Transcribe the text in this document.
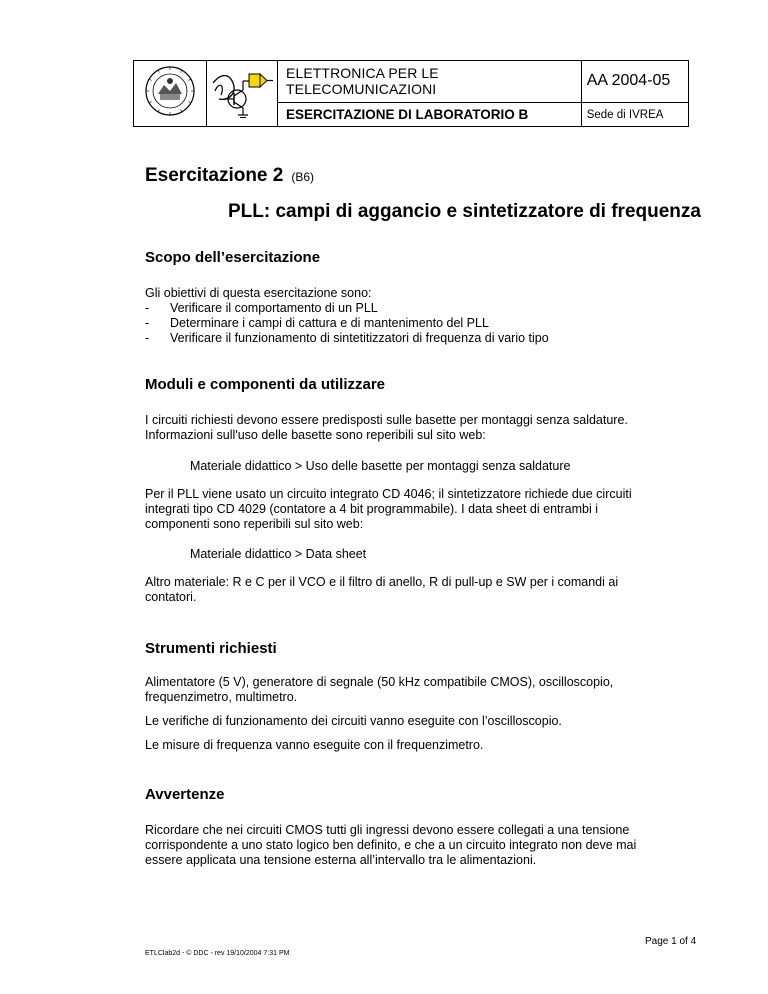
		ELETTRONICA PER LE TELECOMUNICAZIONI	AA 2004-05
		ESERCITAZIONE DI LABORATORIO B	Sede di IVREA
Esercitazione 2 (B6)
PLL: campi di aggancio e sintetizzatore di frequenza
Scopo dell’esercitazione
Gli obiettivi di questa esercitazione sono:
- Verificare il comportamento di un PLL
- Determinare i campi di cattura e di mantenimento del PLL
- Verificare il funzionamento di sintetitizzatori di frequenza di vario tipo
Moduli e componenti da utilizzare
I circuiti richiesti devono essere predisposti sulle basette per montaggi senza saldature. Informazioni sull'uso delle basette sono reperibili sul sito web:
Materiale didattico > Uso delle basette per montaggi senza saldature
Per il PLL viene usato un circuito integrato CD 4046; il sintetizzatore richiede due circuiti integrati tipo CD 4029 (contatore a 4 bit programmabile). I data sheet di entrambi i componenti sono reperibili sul sito web:
Materiale didattico > Data sheet
Altro materiale: R e C per il VCO e il filtro di anello, R di pull-up e SW per i comandi ai contatori.
Strumenti richiesti
Alimentatore (5 V), generatore di segnale (50 kHz compatibile CMOS), oscilloscopio, frequenzimetro, multimetro.
Le verifiche di funzionamento dei circuiti vanno eseguite con l’oscilloscopio.
Le misure di frequenza vanno eseguite con il frequenzimetro.
Avvertenze
Ricordare che nei circuiti CMOS tutti gli ingressi devono essere collegati a una tensione corrispondente a uno stato logico ben definito, e che a un circuito integrato non deve mai essere applicata una tensione esterna all’intervallo tra le alimentazioni.
ETLClab2d - © DDC - rev 19/10/2004 7:31 PM
Page 1 of 4
